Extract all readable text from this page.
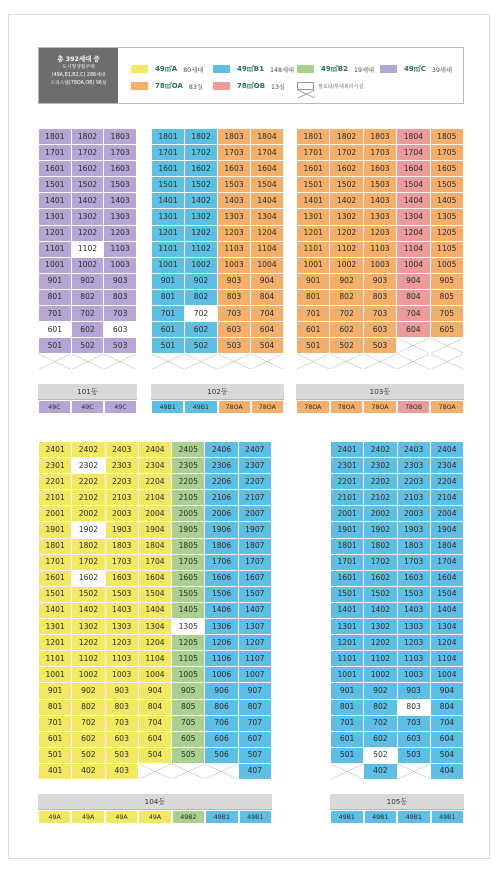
총 392세대 중
도시형생활주택
(49A,B1,B2,C) 286세대
오피스텔(78OA,OB) 96실
49㎡A 80세대	49㎡B1 148세대	49㎡B2 19세대	49㎡C 39세대
78㎡OA 83실	78㎡OB 13실	필로티/부대복리시설
1801	1802	1803
1701	1702	1703
1601	1602	1603
1501	1502	1503
1401	1402	1403
1301	1302	1303
1201	1202	1203
1101	1102	1103
1001	1002	1003
901	902	903
801	802	803
701	702	703
601	602	603
501	502	503

1801	1802	1803	1804
1701	1702	1703	1704
1601	1602	1603	1604
1501	1502	1503	1504
1401	1402	1403	1404
1301	1302	1303	1304
1201	1202	1203	1204
1101	1102	1103	1104
1001	1002	1003	1004
901	902	903	904
801	802	803	804
701	702	703	704
601	602	603	604
501	502	503	504

1801	1802	1803	1804	1805
1701	1702	1703	1704	1705
1601	1602	1603	1604	1605
1501	1502	1503	1504	1505
1401	1402	1403	1404	1405
1301	1302	1303	1304	1305
1201	1202	1203	1204	1205
1101	1102	1103	1104	1105
1001	1002	1003	1004	1005
901	902	903	904	905
801	802	803	804	805
701	702	703	704	705
601	602	603	604	605
501	502	503	

2401	2402	2403	2404	2405	2406	2407
2301	2302	2303	2304	2305	2306	2307
2201	2202	2203	2204	2205	2206	2207
2101	2102	2103	2104	2105	2106	2107
2001	2002	2003	2004	2005	2006	2007
1901	1902	1903	1904	1905	1906	1907
1801	1802	1803	1804	1805	1806	1807
1701	1702	1703	1704	1705	1706	1707
1601	1602	1603	1604	1605	1606	1607
1501	1502	1503	1504	1505	1506	1507
1401	1402	1403	1404	1405	1406	1407
1301	1302	1303	1304	1305	1306	1307
1201	1202	1203	1204	1205	1206	1207
1101	1102	1103	1104	1105	1106	1107
1001	1002	1003	1004	1005	1006	1007
901	902	903	904	905	906	907
801	802	803	804	805	806	807
701	702	703	704	705	706	707
601	602	603	604	605	606	607
501	502	503	504	505	506	507
401	402	403				407
2401	2402	2403	2404
2301	2302	2303	2304
2201	2202	2203	2204
2101	2102	2103	2104
2001	2002	2003	2004
1901	1902	1903	1904
1801	1802	1803	1804
1701	1702	1703	1704
1601	1602	1603	1604
1501	1502	1503	1504
1401	1402	1403	1404
1301	1302	1303	1304
1201	1202	1203	1204
1101	1102	1103	1104
1001	1002	1003	1004
901	902	903	904
801	802	803	804
701	702	703	704
601	602	603	604
501	502	503	504

	402		404
101동
49C	49C	49C
102동
49B1	49B1	78OA	78OA
103동
78OA	78OA	78OA	78OB	78OA
104동
49A	49A	49A	49A	49B2	49B1	49B1
105동
49B1	49B1	49B1	49B1
